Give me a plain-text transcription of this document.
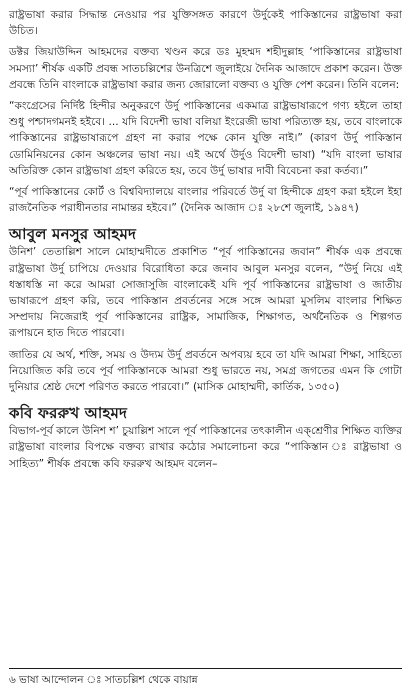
রাষ্ট্রভাষা করার সিদ্ধান্ত নেওয়ার পর যুক্তিসঙ্গত কারণে উর্দুকেই পাকিস্তানের রাষ্ট্রভাষা করা উচিত।

ডক্টর জিয়াউদ্দিন আহমদের বক্তব্য খণ্ডন করে ডঃ মুহম্মদ শহীদুল্লাহ ‘পাকিস্তানের রাষ্ট্রভাষা সমস্যা’ শীর্ষক একটি প্রবন্ধ সাতচল্লিশের উনত্রিশে জুলাইয়ে দৈনিক আজাদে প্রকাশ করেন। উক্ত প্রবন্ধে তিনি বাংলাকে রাষ্ট্রভাষা করার জন্য জোরালো বক্তব্য ও যুক্তি পেশ করেন। তিনি বলেন:

“কংগ্রেসের নির্দিষ্ট হিন্দীর অনুকরণে উর্দু পাকিস্তানের একমাত্র রাষ্ট্রভাষারূপে গণ্য হইলে তাহা শুধু পশ্চাদগমনই হইবে। ... যদি বিদেশী ভাষা বলিয়া ইংরেজী ভাষা পরিত্যক্ত হয়, তবে বাংলাকে পাকিস্তানের রাষ্ট্রভাষারূপে গ্রহণ না করার পক্ষে কোন যুক্তি নাই।” (কারণ উর্দু পাকিস্তান ডোমিনিয়নের কোন অঞ্চলের ভাষা নয়। এই অর্থে উর্দুও বিদেশী ভাষা) “যদি বাংলা ভাষার অতিরিক্ত কোন রাষ্ট্রভাষা গ্রহণ করিতে হয়, তবে উর্দু ভাষার দাবী বিবেচনা করা কর্তব্য।”

“পূর্ব পাকিস্তানের কোর্ট ও বিশ্ববিদ্যালয়ে বাংলার পরিবর্তে উর্দু বা হিন্দীকে গ্রহণ করা হইলে ইহা রাজনৈতিক পরাধীনতার নামান্তর হইবে।” (দৈনিক আজাদ ঃ ২৮শে জুলাই, ১৯৪৭)

আবুল মনসুর আহমদ

উনিশ’ তেতাল্লিশ সালে মোহাম্মদীতে প্রকাশিত “পূর্ব পাকিস্তানের জবান” শীর্ষক এক প্রবন্ধে রাষ্ট্রভাষা উর্দু চাপিয়ে দেওয়ার বিরোধিতা করে জনাব আবুল মনসুর বলেন, “উর্দু নিয়ে এই ধস্তাধস্তি না করে আমরা সোজাসুজি বাংলাকেই যদি পূর্ব পাকিস্তানের রাষ্ট্রভাষা ও জাতীয় ভাষারূপে গ্রহণ করি, তবে পাকিস্তান প্রবর্তনের সঙ্গে সঙ্গে আমরা মুসলিম বাংলার শিক্ষিত সম্প্রদায় নিজেরাই পূর্ব পাকিস্তানের রাষ্ট্রিক, সামাজিক, শিক্ষাগত, অর্থনৈতিক ও শিল্পগত রূপায়নে হাত দিতে পারবো।

জাতির যে অর্থ, শক্তি, সময় ও উদ্যম উর্দু প্রবর্তনে অপব্যয় হবে তা যদি আমরা শিক্ষা, সাহিত্যে নিয়োজিত করি তবে পূর্ব পাকিস্তানকে আমরা শুধু ভারতে নয়, সমগ্র জগতের এমন কি গোটা দুনিয়ার শ্রেষ্ঠ দেশে পরিণত করতে পারবো।” (মাসিক মোহাম্মদী, কার্তিক, ১৩৫০)

কবি ফররুখ আহমদ

বিভাগ-পূর্ব কালে উনিশ শ’ চুয়াল্লিশ সালে পূর্ব পাকিস্তানের তৎকালীন এক্‌শ্রেণীর শিক্ষিত ব্যক্তির রাষ্ট্রভাষা বাংলার বিপক্ষে বক্তব্য রাখার কঠোর সমালোচনা করে “পাকিস্তান ঃ রাষ্ট্রভাষা ও সাহিত্য” শীর্ষক প্রবন্ধে কবি ফররুখ আহমদ বলেন–

৬ ভাষা আন্দোলন ঃ সাতচল্লিশ থেকে বায়ান্ন
